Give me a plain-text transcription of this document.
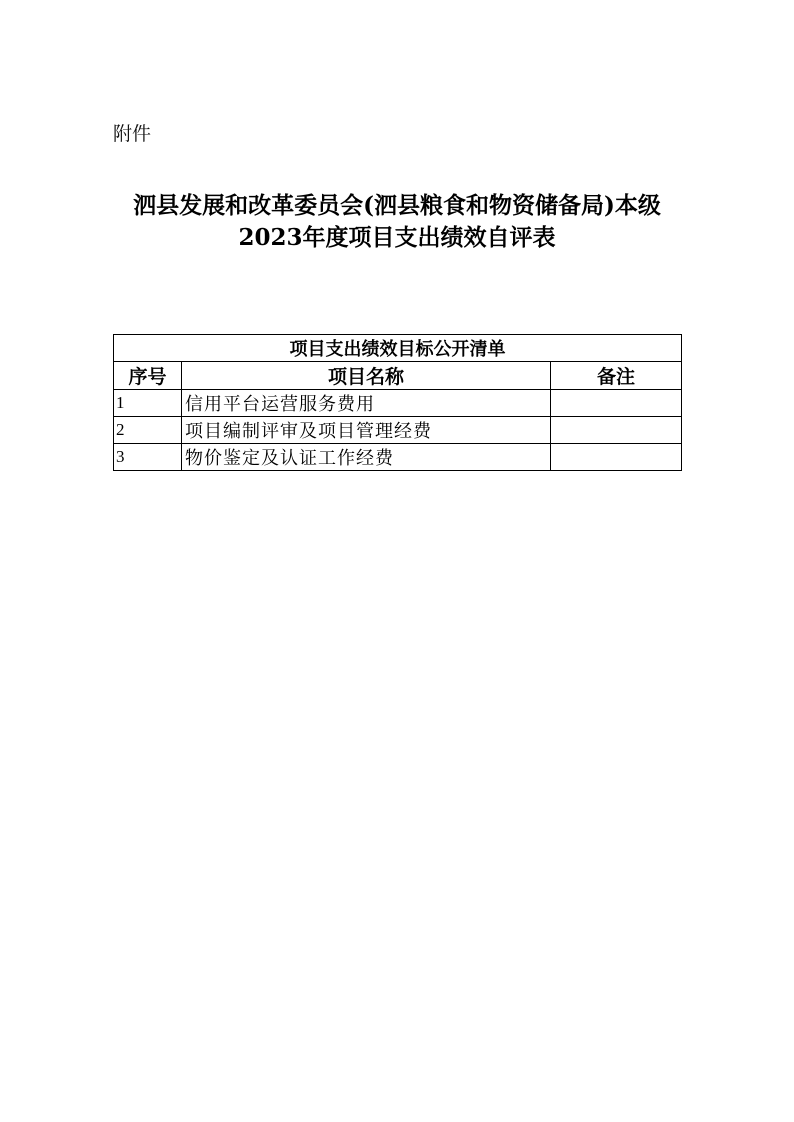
附件
泗县发展和改革委员会(泗县粮食和物资储备局)本级
2023年度项目支出绩效自评表
项目支出绩效目标公开清单		
序号	项目名称	备注
1	信用平台运营服务费用	
2	项目编制评审及项目管理经费	
3	物价鉴定及认证工作经费	
